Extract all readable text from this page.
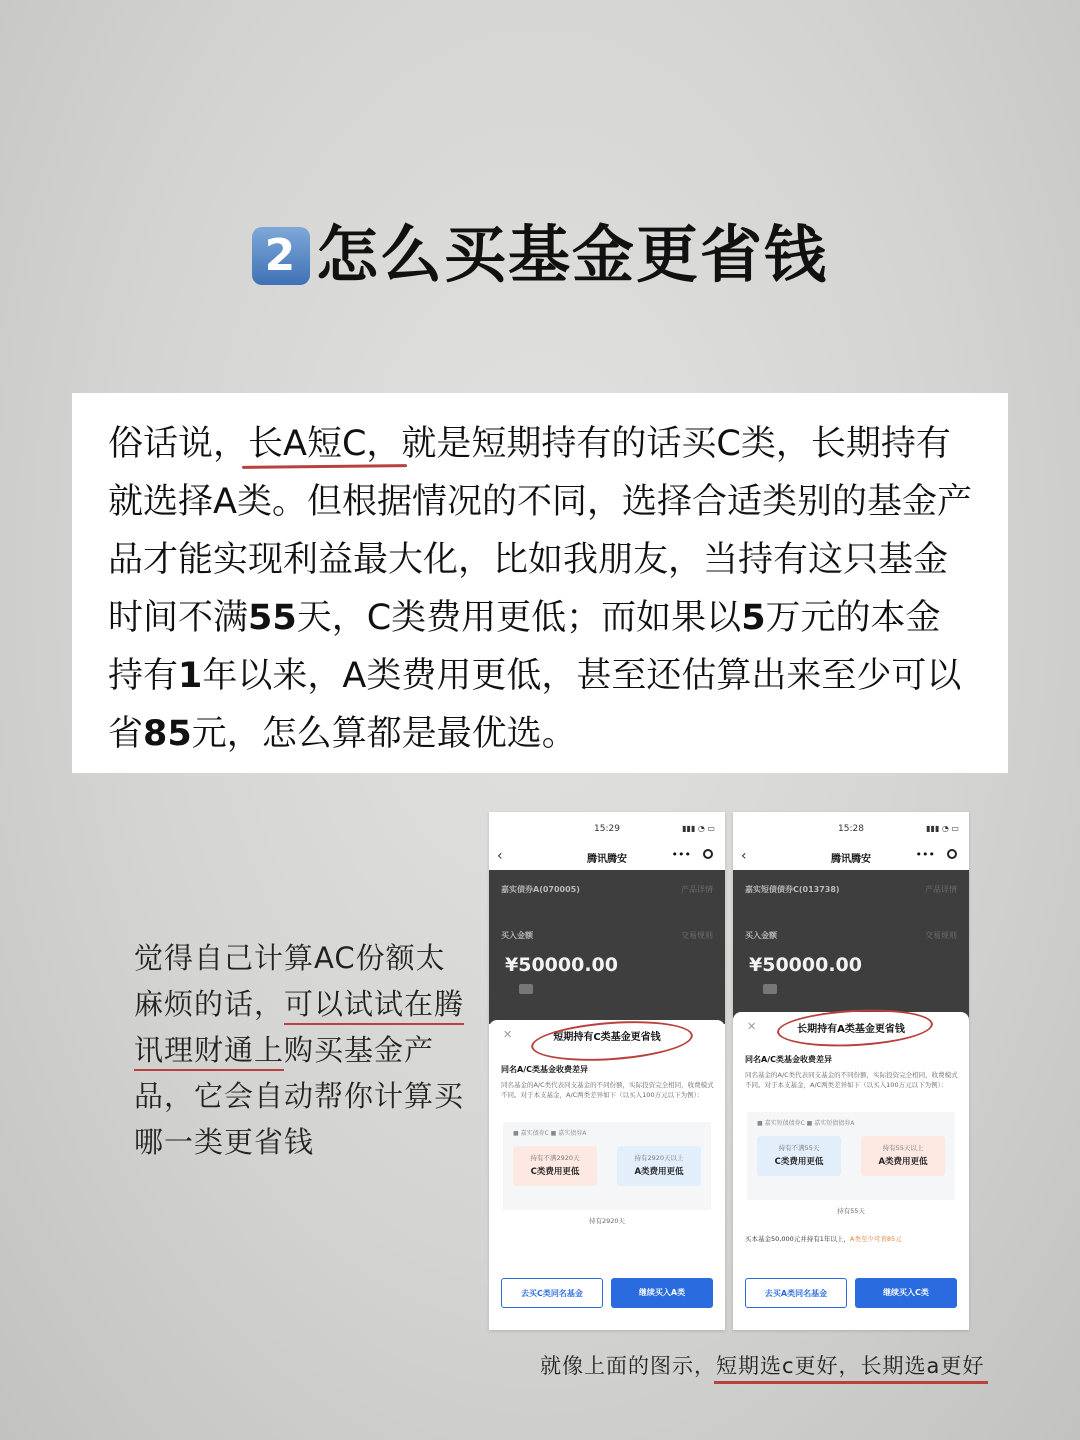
2 怎么买基金更省钱
俗话说，长A短C，就是短期持有的话买C类，长期持有就选择A类。但根据情况的不同，选择合适类别的基金产品才能实现利益最大化，比如我朋友，当持有这只基金时间不满55天，C类费用更低；而如果以5万元的本金持有1年以来，A类费用更低，甚至还估算出来至少可以省85元，怎么算都是最优选。
觉得自己计算AC份额太麻烦的话，可以试试在腾讯理财通上购买基金产品，它会自动帮你计算买哪一类更省钱
15:29	▮▮▮ ◔ ▭
‹	腾讯腾安	•••
嘉实债券A(070005)	产品详情
买入金额	交易规则
¥50000.00
✕	短期持有C类基金更省钱
同名A/C类基金收费差异
同名基金的A/C类代表同支基金的不同份额，实际投资完全相同，收费模式不同。对于本支基金，A/C两类差异如下（以买入100万元以下为例）：
■ 嘉实债券C ■ 嘉实债券A
持有不满2920天
C类费用更低
持有2920天以上
A类费用更低
持有2920天
去买C类同名基金	继续买入A类
15:28	▮▮▮ ◔ ▭
‹	腾讯腾安	•••
嘉实短债债券C(013738)	产品详情
买入金额	交易规则
¥50000.00
✕	长期持有A类基金更省钱
同名A/C类基金收费差异
同名基金的A/C类代表同支基金的不同份额，实际投资完全相同，收费模式不同。对于本支基金，A/C两类差异如下（以买入100万元以下为例）：
■ 嘉实短债债券C ■ 嘉实短债债券A
持有不满55天
C类费用更低
持有55天以上
A类费用更低
持有55天
买本基金50,000元并持有1年以上，A类至少可省85元
去买A类同名基金	继续买入C类
就像上面的图示，短期选c更好，长期选a更好
